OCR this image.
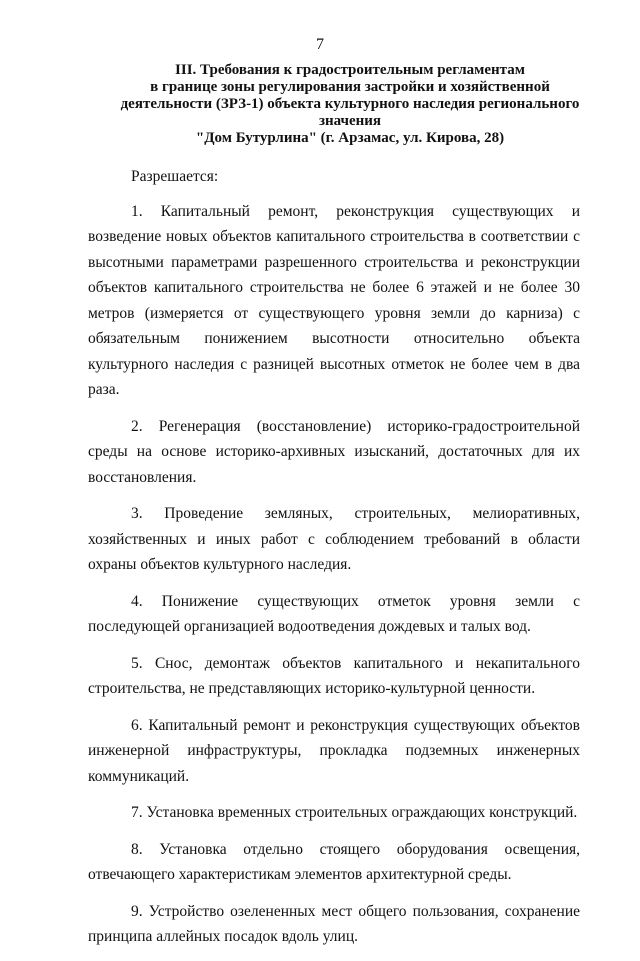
7
III. Требования к градостроительным регламентам
в границе зоны регулирования застройки и хозяйственной
деятельности (ЗРЗ-1) объекта культурного наследия регионального
значения
"Дом Бутурлина" (г. Арзамас, ул. Кирова, 28)

Разрешается:

1. Капитальный ремонт, реконструкция существующих и возведение новых объектов капитального строительства в соответствии с высотными параметрами разрешенного строительства и реконструкции объектов капитального строительства не более 6 этажей и не более 30 метров (измеряется от существующего уровня земли до карниза) с обязательным понижением высотности относительно объекта культурного наследия с разницей высотных отметок не более чем в два раза.

2. Регенерация (восстановление) историко-градостроительной среды на основе историко-архивных изысканий, достаточных для их восстановления.

3. Проведение земляных, строительных, мелиоративных, хозяйственных и иных работ с соблюдением требований в области охраны объектов культурного наследия.

4. Понижение существующих отметок уровня земли с последующей организацией водоотведения дождевых и талых вод.

5. Снос, демонтаж объектов капитального и некапитального строительства, не представляющих историко-культурной ценности.

6. Капитальный ремонт и реконструкция существующих объектов инженерной инфраструктуры, прокладка подземных инженерных коммуникаций.

7. Установка временных строительных ограждающих конструкций.

8. Установка отдельно стоящего оборудования освещения, отвечающего характеристикам элементов архитектурной среды.

9. Устройство озелененных мест общего пользования, сохранение принципа аллейных посадок вдоль улиц.
